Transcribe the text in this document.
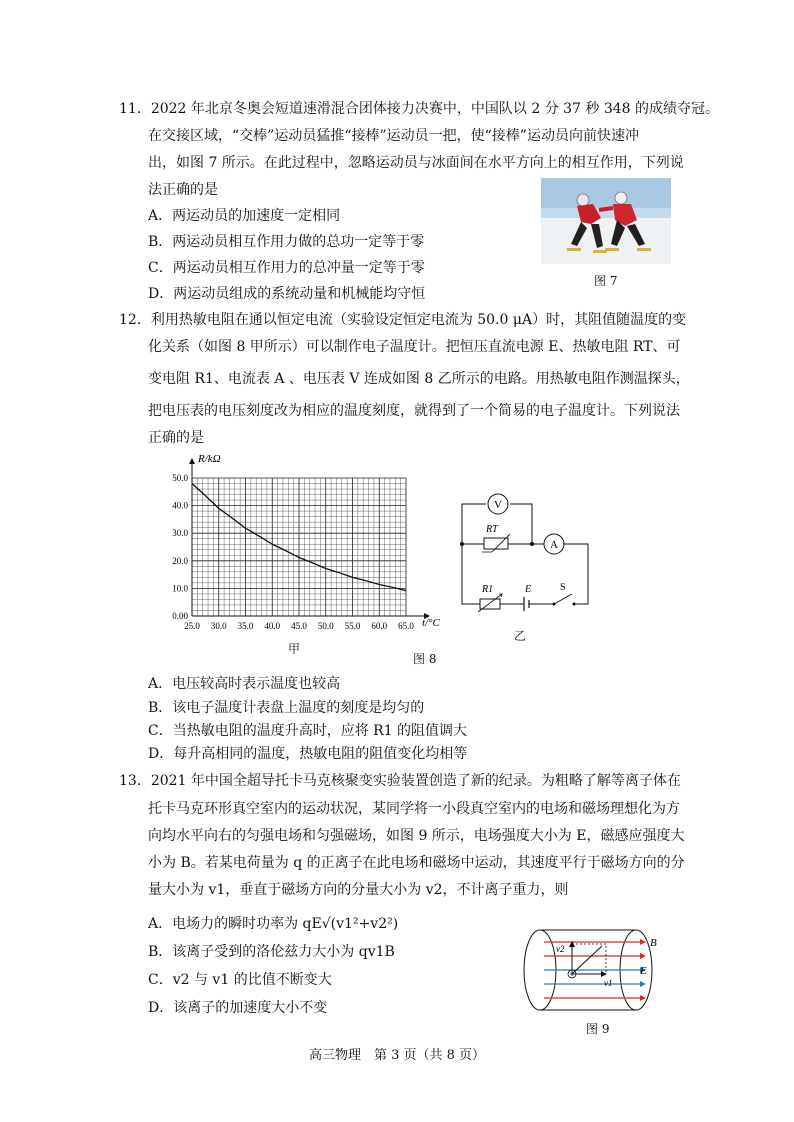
11．2022 年北京冬奥会短道速滑混合团体接力决赛中，中国队以 2 分 37 秒 348 的成绩夺冠。
在交接区域，“交棒”运动员猛推“接棒”运动员一把，使“接棒”运动员向前快速冲
出，如图 7 所示。在此过程中，忽略运动员与冰面间在水平方向上的相互作用，下列说
法正确的是
A．两运动员的加速度一定相同
B．两运动员相互作用力做的总功一定等于零
C．两运动员相互作用力的总冲量一定等于零
D．两运动员组成的系统动量和机械能均守恒
图 7
12．利用热敏电阻在通以恒定电流（实验设定恒定电流为 50.0 μA）时，其阻值随温度的变
化关系（如图 8 甲所示）可以制作电子温度计。把恒压直流电源 E、热敏电阻 RT、可
变电阻 R1、电流表 A 、电压表 V 连成如图 8 乙所示的电路。用热敏电阻作测温探头，
把电压表的电压刻度改为相应的温度刻度，就得到了一个简易的电子温度计。下列说法
正确的是
25.0 30.0 35.0 40.0 45.0 50.0 55.0 60.0 65.0
0.00
10.0
20.0
30.0
40.0
50.0
R/kΩ
t/°C
甲
V
RT
A
R1	E	S
乙
图 8
A．电压较高时表示温度也较高
B．该电子温度计表盘上温度的刻度是均匀的
C．当热敏电阻的温度升高时，应将 R1 的阻值调大
D．每升高相同的温度，热敏电阻的阻值变化均相等
13．2021 年中国全超导托卡马克核聚变实验装置创造了新的纪录。为粗略了解等离子体在
托卡马克环形真空室内的运动状况，某同学将一小段真空室内的电场和磁场理想化为方
向均水平向右的匀强电场和匀强磁场，如图 9 所示，电场强度大小为 E，磁感应强度大
小为 B。若某电荷量为 q 的正离子在此电场和磁场中运动，其速度平行于磁场方向的分
量大小为 v1，垂直于磁场方向的分量大小为 v2，不计离子重力，则
A．电场力的瞬时功率为 qE√(v1²+v2²)
B．该离子受到的洛伦兹力大小为 qv1B
C．v2 与 v1 的比值不断变大
D．该离子的加速度大小不变
B
E
v2
v1
图 9
高三物理　第 3 页（共 8 页）
